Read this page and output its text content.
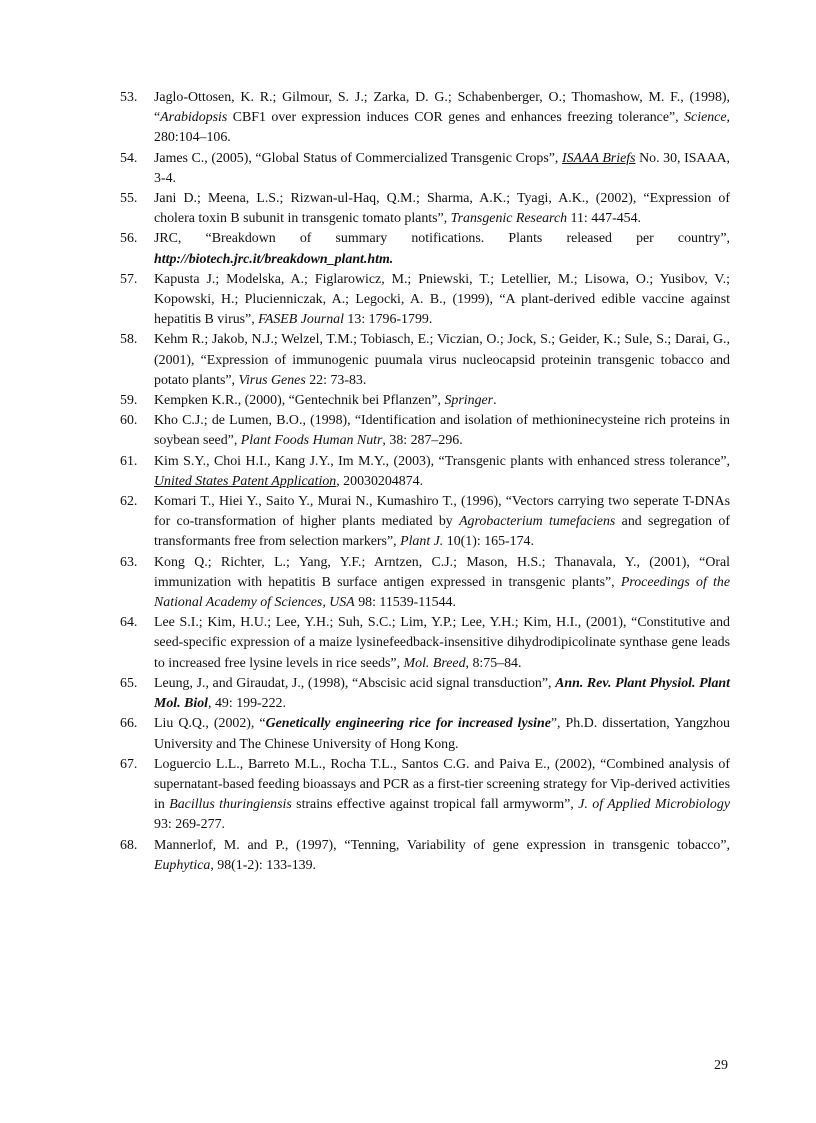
53. Jaglo-Ottosen, K. R.; Gilmour, S. J.; Zarka, D. G.; Schabenberger, O.; Thomashow, M. F., (1998), “Arabidopsis CBF1 over expression induces COR genes and enhances freezing tolerance”, Science, 280:104–106.
54. James C., (2005), “Global Status of Commercialized Transgenic Crops”, ISAAA Briefs No. 30, ISAAA, 3-4.
55. Jani D.; Meena, L.S.; Rizwan-ul-Haq, Q.M.; Sharma, A.K.; Tyagi, A.K., (2002), “Expression of cholera toxin B subunit in transgenic tomato plants”, Transgenic Research 11: 447-454.
56. JRC, “Breakdown of summary notifications. Plants released per country”, http://biotech.jrc.it/breakdown_plant.htm.
57. Kapusta J.; Modelska, A.; Figlarowicz, M.; Pniewski, T.; Letellier, M.; Lisowa, O.; Yusibov, V.; Kopowski, H.; Plucienniczak, A.; Legocki, A. B., (1999), “A plant-derived edible vaccine against hepatitis B virus”, FASEB Journal 13: 1796-1799.
58. Kehm R.; Jakob, N.J.; Welzel, T.M.; Tobiasch, E.; Viczian, O.; Jock, S.; Geider, K.; Sule, S.; Darai, G., (2001), “Expression of immunogenic puumala virus nucleocapsid proteinin transgenic tobacco and potato plants”, Virus Genes 22: 73-83.
59. Kempken K.R., (2000), “Gentechnik bei Pflanzen”, Springer.
60. Kho C.J.; de Lumen, B.O., (1998), “Identification and isolation of methioninecysteine rich proteins in soybean seed”, Plant Foods Human Nutr, 38: 287–296.
61. Kim S.Y., Choi H.I., Kang J.Y., Im M.Y., (2003), “Transgenic plants with enhanced stress tolerance”, United States Patent Application, 20030204874.
62. Komari T., Hiei Y., Saito Y., Murai N., Kumashiro T., (1996), “Vectors carrying two seperate T-DNAs for co-transformation of higher plants mediated by Agrobacterium tumefaciens and segregation of transformants free from selection markers”, Plant J. 10(1): 165-174.
63. Kong Q.; Richter, L.; Yang, Y.F.; Arntzen, C.J.; Mason, H.S.; Thanavala, Y., (2001), “Oral immunization with hepatitis B surface antigen expressed in transgenic plants”, Proceedings of the National Academy of Sciences, USA 98: 11539-11544.
64. Lee S.I.; Kim, H.U.; Lee, Y.H.; Suh, S.C.; Lim, Y.P.; Lee, Y.H.; Kim, H.I., (2001), “Constitutive and seed-specific expression of a maize lysinefeedback-insensitive dihydrodipicolinate synthase gene leads to increased free lysine levels in rice seeds”, Mol. Breed, 8:75–84.
65. Leung, J., and Giraudat, J., (1998), “Abscisic acid signal transduction”, Ann. Rev. Plant Physiol. Plant Mol. Biol, 49: 199-222.
66. Liu Q.Q., (2002), “Genetically engineering rice for increased lysine”, Ph.D. dissertation, Yangzhou University and The Chinese University of Hong Kong.
67. Loguercio L.L., Barreto M.L., Rocha T.L., Santos C.G. and Paiva E., (2002), “Combined analysis of supernatant-based feeding bioassays and PCR as a first-tier screening strategy for Vip-derived activities in Bacillus thuringiensis strains effective against tropical fall armyworm”, J. of Applied Microbiology 93: 269-277.
68. Mannerlof, M. and P., (1997), “Tenning, Variability of gene expression in transgenic tobacco”, Euphytica, 98(1-2): 133-139.
29
